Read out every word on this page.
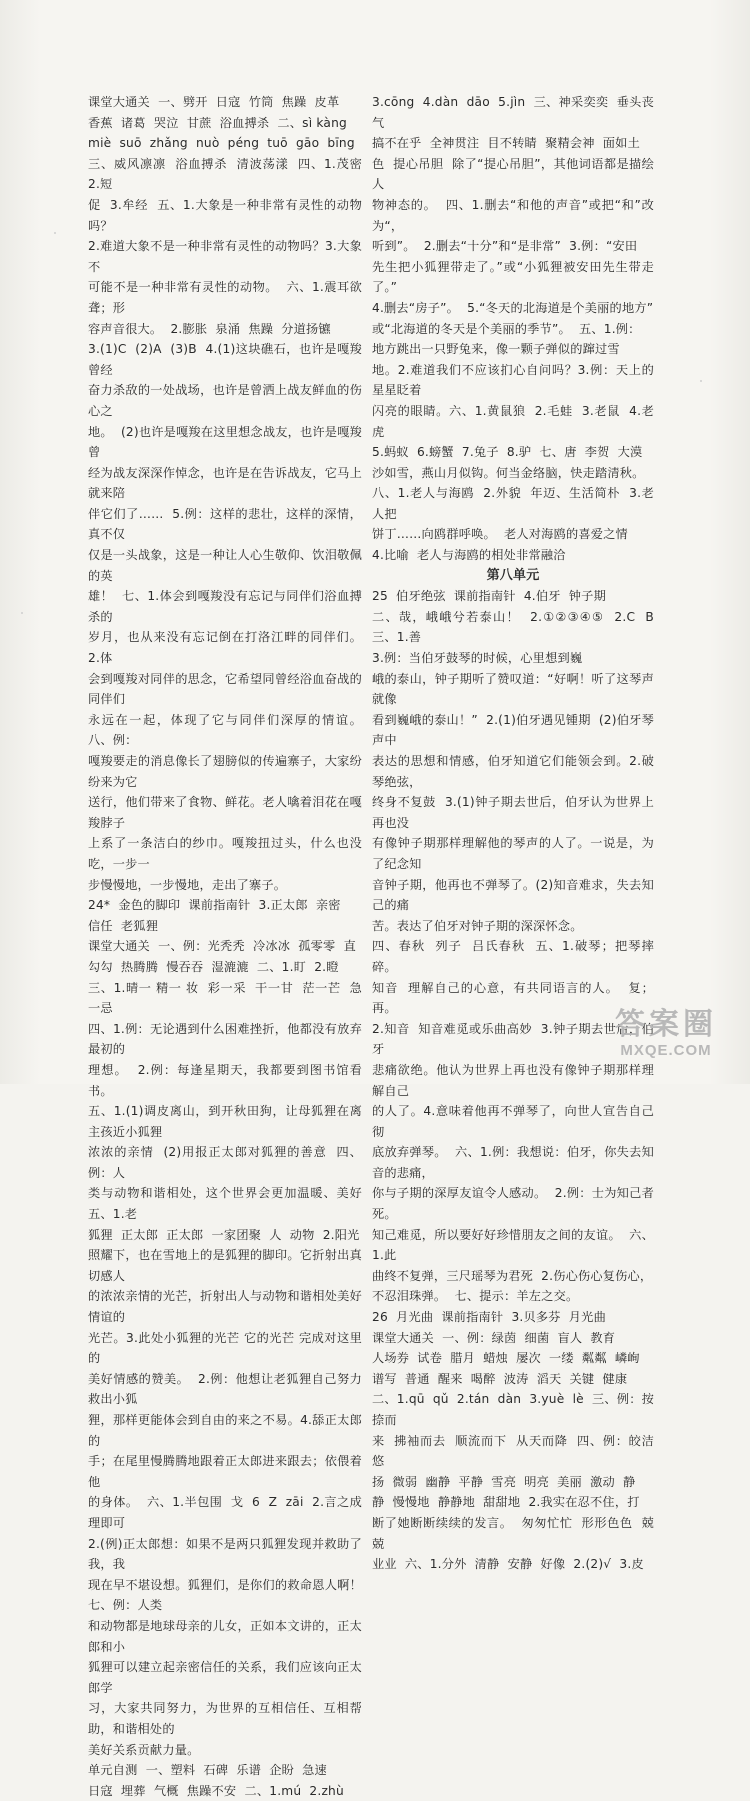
课堂大通关  一、劈开  日寇  竹筒  焦躁  皮革

香蕉  诸葛  哭泣  甘蔗  浴血搏杀  二、sì kàng

miè  suō  zhǎng  nuò  péng  tuō  gāo  bīng

三、威风凛凛  浴血搏杀  清波荡漾  四、1.茂密  2.短

促  3.牟经  五、1.大象是一种非常有灵性的动物吗？

2.难道大象不是一种非常有灵性的动物吗？3.大象不

可能不是一种非常有灵性的动物。  六、1.震耳欲聋；形

容声音很大。  2.膨胀  泉涌  焦躁  分道扬镳

3.(1)C  (2)A  (3)B  4.(1)这块礁石，也许是嘎羧曾经

奋力杀敌的一处战场，也许是曾洒上战友鲜血的伤心之

地。  (2)也许是嘎羧在这里想念战友，也许是嘎羧曾

经为战友深深作悼念，也许是在告诉战友，它马上就来陪

伴它们了……  5.例：这样的悲壮，这样的深情，真不仅

仅是一头战象，这是一种让人心生敬仰、饮泪敬佩的英

雄！  七、1.体会到嘎羧没有忘记与同伴们浴血搏杀的

岁月，也从来没有忘记倒在打洛江畔的同伴们。  2.体

会到嘎羧对同伴的思念，它希望同曾经浴血奋战的同伴们

永远在一起，体现了它与同伴们深厚的情谊。  八、例：

嘎羧要走的消息像长了翅膀似的传遍寨子，大家纷纷来为它

送行，他们带来了食物、鲜花。老人噙着泪花在嘎羧脖子

上系了一条洁白的纱巾。嘎羧扭过头，什么也没吃，一步一

步慢慢地，一步慢地，走出了寨子。

24*  金色的脚印  课前指南针  3.正太郎  亲密

信任  老狐狸

课堂大通关  一、例：光秃秃  冷冰冰  孤零零  直

勾勾  热腾腾  慢吞吞  湿漉漉  二、1.盯  2.瞪

三、1.晴一 精一 妆  彩一采  干一甘  茫一芒  急一忌

四、1.例：无论遇到什么困难挫折，他都没有放弃最初的

理想。  2.例：每逢星期天，我都要到图书馆看书。

五、1.(1)调皮离山，到开秋田狗，让母狐狸在离主孩近小狐狸

浓浓的亲情  (2)用报正太郎对狐狸的善意  四、例：人

类与动物和谐相处，这个世界会更加温暖、美好  五、1.老

狐狸  正太郎  正太郎  一家团聚  人  动物  2.阳光

照耀下，也在雪地上的是狐狸的脚印。它折射出真切感人

的浓浓亲情的光芒，折射出人与动物和谐相处美好情谊的

光芒。3.此处小狐狸的光芒 它的光芒 完成对这里的

美好情感的赞美。  2.例：他想让老狐狸自己努力救出小狐

狸，那样更能体会到自由的来之不易。4.舔正太郎的

手；在尾里慢腾腾地跟着正太郎进来跟去；依偎着他

的身体。  六、1.半包围  戈  6  Z  zāi  2.言之成理即可

2.(例)正太郎想：如果不是两只狐狸发现并救助了我，我

现在早不堪设想。狐狸们，是你们的救命恩人啊！  七、例：人类

和动物都是地球母亲的儿女，正如本文讲的，正太郎和小

狐狸可以建立起亲密信任的关系，我们应该向正太郎学

习，大家共同努力，为世界的互相信任、互相帮助，和谐相处的

美好关系贡献力量。

单元自测  一、塑料  石碑  乐谱  企盼  急速

日寇  埋葬  气概  焦躁不安  二、1.mú  2.zhù

3.cōng  4.dàn  dāo  5.jìn  三、神采奕奕  垂头丧气

搞不在乎  全神贯注  目不转睛  聚精会神  面如土

色  提心吊胆  除了“提心吊胆”，其他词语都是描绘人

物神态的。  四、1.删去“和他的声音”或把“和”改为“，

听到”。  2.删去“十分”和“是非常”  3.例：“安田

先生把小狐狸带走了。”或“小狐狸被安田先生带走了。”

4.删去“房子”。  5.“冬天的北海道是个美丽的地方”

或“北海道的冬天是个美丽的季节”。  五、1.例：

地方跳出一只野兔来，像一颗子弹似的蹿过雪

地。2.难道我们不应该扪心自问吗？3.例：天上的星星眨着

闪亮的眼睛。六、1.黄鼠狼  2.毛蛙  3.老鼠  4.老虎

5.蚂蚁  6.螃蟹  7.兔子  8.驴  七、唐  李贺  大漠

沙如雪，燕山月似钩。何当金络脑，快走踏清秋。

八、1.老人与海鸥  2.外貌  年迈、生活简朴  3.老人把

饼丁……向鸥群呼唤。  老人对海鸥的喜爱之情

4.比喻  老人与海鸥的相处非常融洽

第八单元

25  伯牙绝弦  课前指南针  4.伯牙  钟子期

二、哉，峨峨兮若泰山！  2.①②③④⑤  2.C  B  三、1.善

3.例：当伯牙鼓琴的时候，心里想到巍

峨的泰山，钟子期听了赞叹道：“好啊！听了这琴声就像

看到巍峨的泰山！”  2.(1)伯牙遇见锺期  (2)伯牙琴声中

表达的思想和情感，伯牙知道它们能领会到。2.破琴绝弦，

终身不复鼓  3.(1)钟子期去世后，伯牙认为世界上再也没

有像钟子期那样理解他的琴声的人了。一说是，为了纪念知

音钟子期，他再也不弹琴了。(2)知音难求，失去知己的痛

苦。表达了伯牙对钟子期的深深怀念。

四、春秋  列子  吕氏春秋  五、1.破琴；把琴摔碎。

知音  理解自己的心意，有共同语言的人。  复；再。

2.知音  知音难觅或乐曲高妙  3.钟子期去世后，伯牙

悲痛欲绝。他认为世界上再也没有像钟子期那样理解自己

的人了。4.意味着他再不弹琴了，向世人宣告自己彻

底放弃弹琴。  六、1.例：我想说：伯牙，你失去知音的悲痛，

你与子期的深厚友谊令人感动。  2.例：士为知己者死。

知己难觅，所以要好好珍惜朋友之间的友谊。  六、1.此

曲终不复弹，三尺瑶琴为君死  2.伤心伤心复伤心，

不忍泪珠弹。  七、提示：羊左之交。

26  月光曲  课前指南针  3.贝多芬  月光曲

课堂大通关  一、例：绿茵  细菌  盲人  教育

人场券  试卷  腊月  蜡烛  屡次  一缕  粼粼  嶙峋

谱写  普通  醒来  喝醉  波涛  滔天  关键  健康

二、1.qū  qǔ  2.tán  dàn  3.yuè  lè  三、例：按捺而

来  拂袖而去  顺流而下  从天而降  四、例：皎洁  悠

扬  微弱  幽静  平静  雪亮  明亮  美丽  激动  静

静  慢慢地  静静地  甜甜地  2.我实在忍不住，打

断了她断断续续的发言。  匆匆忙忙  形形色色  兢兢

业业  六、1.分外  清静  安静  好像  2.(2)√  3.皮

答案圈
MXQE.COM
